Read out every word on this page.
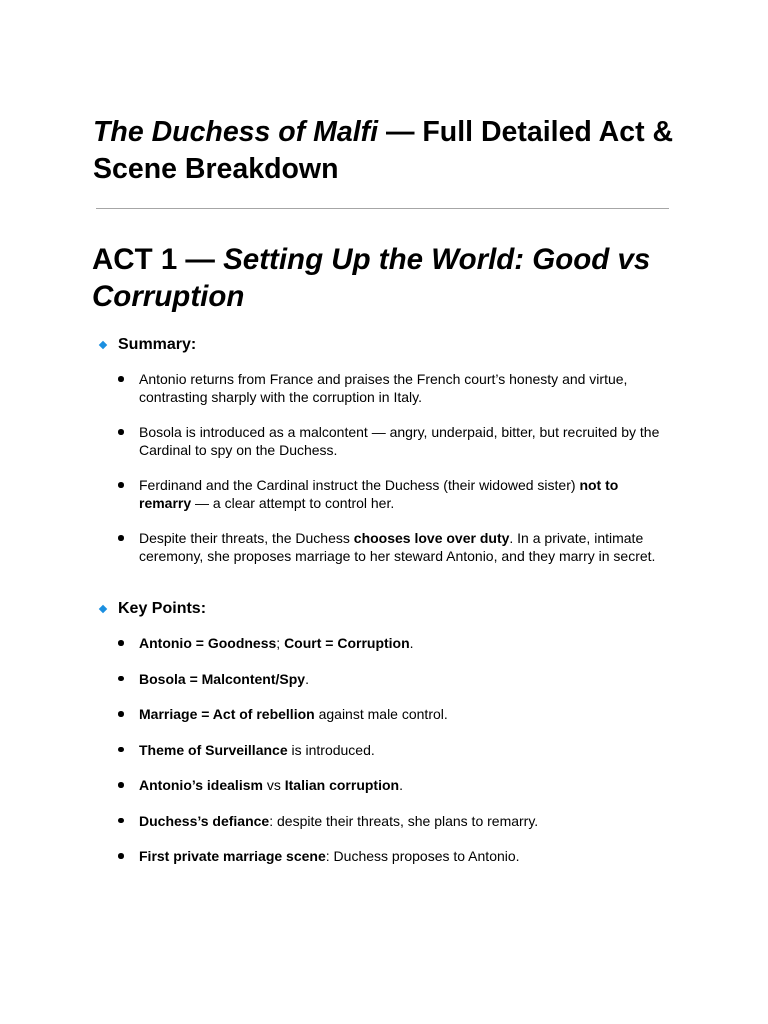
The Duchess of Malfi — Full Detailed Act & Scene Breakdown
ACT 1 — Setting Up the World: Good vs Corruption
Summary:
Antonio returns from France and praises the French court’s honesty and virtue, contrasting sharply with the corruption in Italy.
Bosola is introduced as a malcontent — angry, underpaid, bitter, but recruited by the Cardinal to spy on the Duchess.
Ferdinand and the Cardinal instruct the Duchess (their widowed sister) not to remarry — a clear attempt to control her.
Despite their threats, the Duchess chooses love over duty. In a private, intimate ceremony, she proposes marriage to her steward Antonio, and they marry in secret.
Key Points:
Antonio = Goodness; Court = Corruption.
Bosola = Malcontent/Spy.
Marriage = Act of rebellion against male control.
Theme of Surveillance is introduced.
Antonio’s idealism vs Italian corruption.
Duchess’s defiance: despite their threats, she plans to remarry.
First private marriage scene: Duchess proposes to Antonio.
